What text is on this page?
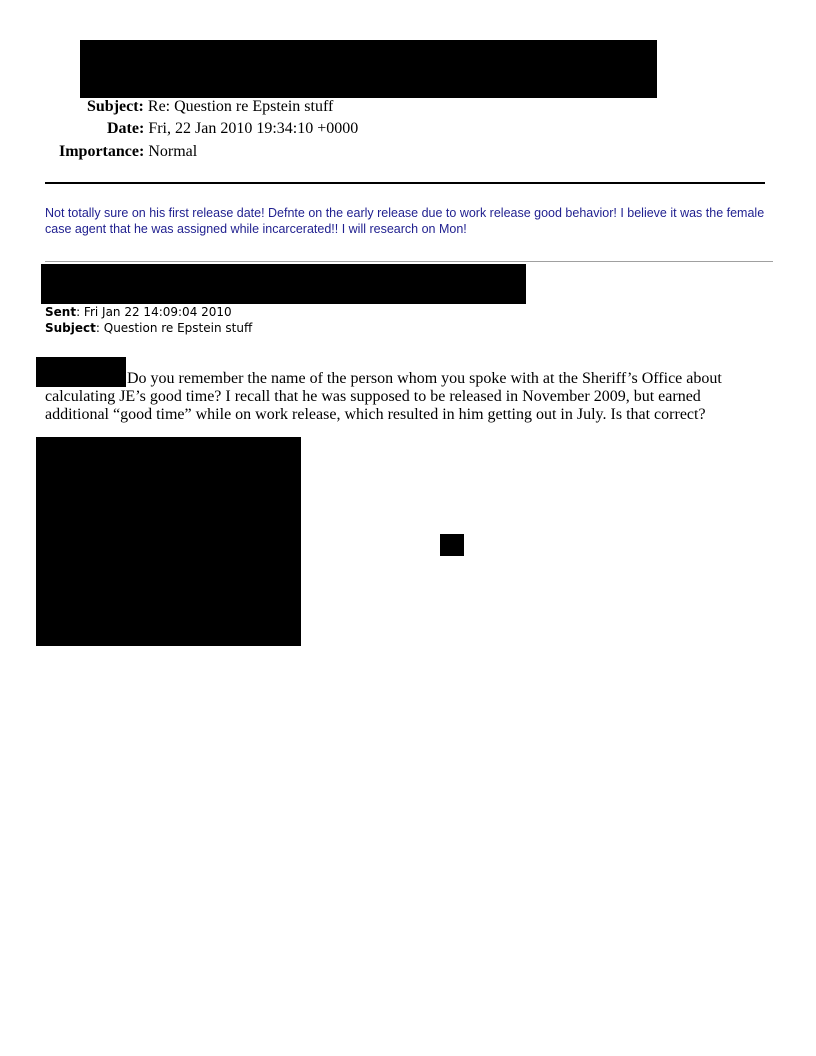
Subject: Re: Question re Epstein stuff
Date: Fri, 22 Jan 2010 19:34:10 +0000
Importance: Normal
Not totally sure on his first release date! Defnte on the early release due to work release good behavior! I believe it was the female case agent that he was assigned while incarcerated!! I will research on Mon!
Sent: Fri Jan 22 14:09:04 2010
Subject: Question re Epstein stuff
Do you remember the name of the person whom you spoke with at the Sheriff’s Office about
calculating JE’s good time? I recall that he was supposed to be released in November 2009, but earned
additional “good time” while on work release, which resulted in him getting out in July. Is that correct?
